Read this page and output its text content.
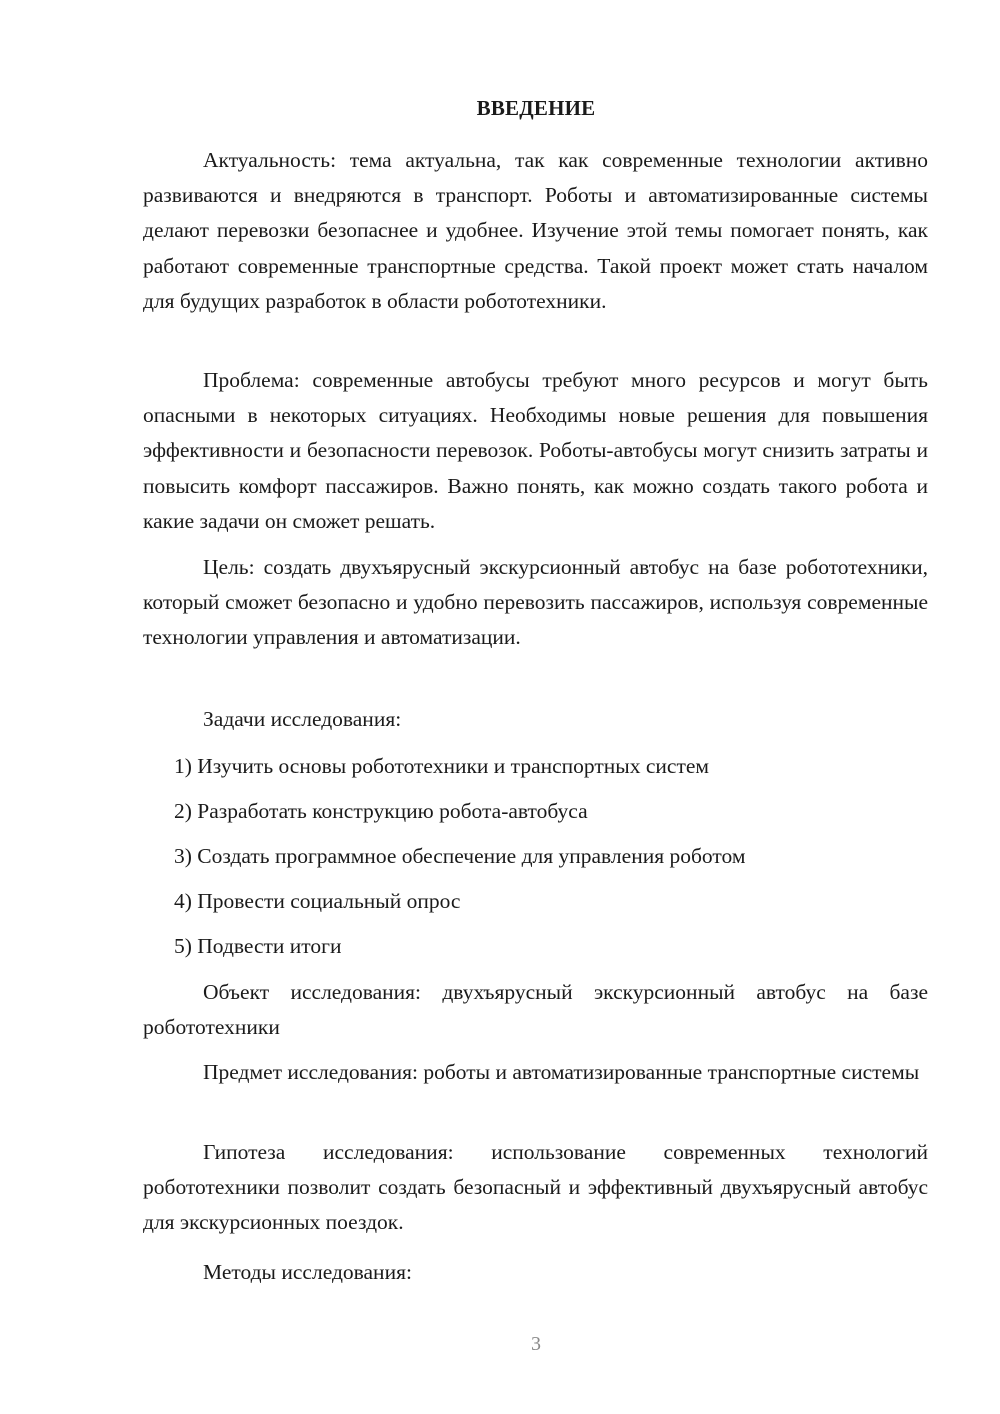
ВВЕДЕНИЕ

Актуальность: тема актуальна, так как современные технологии активно развиваются и внедряются в транспорт. Роботы и автоматизированные системы делают перевозки безопаснее и удобнее. Изучение этой темы помогает понять, как работают современные транспортные средства. Такой проект может стать началом для будущих разработок в области робототехники.

Проблема: современные автобусы требуют много ресурсов и могут быть опасными в некоторых ситуациях. Необходимы новые решения для повышения эффективности и безопасности перевозок. Роботы-автобусы могут снизить затраты и повысить комфорт пассажиров. Важно понять, как можно создать такого робота и какие задачи он сможет решать.

Цель: создать двухъярусный экскурсионный автобус на базе робототехники, который сможет безопасно и удобно перевозить пассажиров, используя современные технологии управления и автоматизации.

Задачи исследования:

1) Изучить основы робототехники и транспортных систем
2) Разработать конструкцию робота-автобуса
3) Создать программное обеспечение для управления роботом
4) Провести социальный опрос
5) Подвести итоги

Объект исследования: двухъярусный экскурсионный автобус на базе робототехники

Предмет исследования: роботы и автоматизированные транспортные системы

Гипотеза исследования: использование современных технологий робототехники позволит создать безопасный и эффективный двухъярусный автобус для экскурсионных поездок.

Методы исследования:

3
